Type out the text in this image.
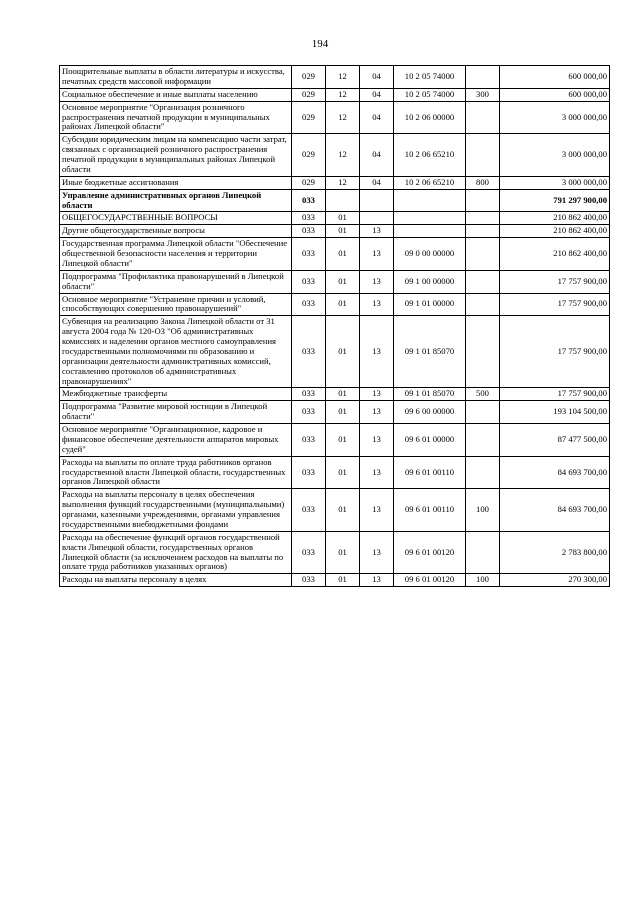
194
Поощрительные выплаты в области литературы и искусства, печатных средств массовой информации	029	12	04	10 2 05 74000		600 000,00
Социальное обеспечение и иные выплаты населению	029	12	04	10 2 05 74000	300	600 000,00
Основное мероприятие "Организация розничного распространения печатной продукции в муниципальных районах Липецкой области"	029	12	04	10 2 06 00000		3 000 000,00
Субсидии юридическим лицам на компенсацию части затрат, связанных с организацией розничного распространения печатной продукции в муниципальных районах Липецкой области	029	12	04	10 2 06 65210		3 000 000,00
Иные бюджетные ассигнования	029	12	04	10 2 06 65210	800	3 000 000,00
Управление административных органов Липецкой области	033					791 297 900,00
ОБЩЕГОСУДАРСТВЕННЫЕ ВОПРОСЫ	033	01				210 862 400,00
Другие общегосударственные вопросы	033	01	13			210 862 400,00
Государственная программа Липецкой области "Обеспечение общественной безопасности населения и территории Липецкой области"	033	01	13	09 0 00 00000		210 862 400,00
Подпрограмма "Профилактика правонарушений в Липецкой области"	033	01	13	09 1 00 00000		17 757 900,00
Основное мероприятие "Устранение причин и условий, способствующих совершению правонарушений"	033	01	13	09 1 01 00000		17 757 900,00
Субвенция на реализацию Закона Липецкой области от 31 августа 2004 года № 120-ОЗ "Об административных комиссиях и наделении органов местного самоуправления государственными полномочиями по образованию и организации деятельности административных комиссий, составлению протоколов об административных правонарушениях"	033	01	13	09 1 01 85070		17 757 900,00
Межбюджетные трансферты	033	01	13	09 1 01 85070	500	17 757 900,00
Подпрограмма "Развитие мировой юстиции в Липецкой области"	033	01	13	09 6 00 00000		193 104 500,00
Основное мероприятие "Организационное, кадровое и финансовое обеспечение деятельности аппаратов мировых судей"	033	01	13	09 6 01 00000		87 477 500,00
Расходы на выплаты по оплате труда работников органов государственной власти Липецкой области, государственных органов Липецкой области	033	01	13	09 6 01 00110		84 693 700,00
Расходы на выплаты персоналу в целях обеспечения выполнения функций государственными (муниципальными) органами, казенными учреждениями, органами управления государственными внебюджетными фондами	033	01	13	09 6 01 00110	100	84 693 700,00
Расходы на обеспечение функций органов государственной власти Липецкой области, государственных органов Липецкой области (за исключением расходов на выплаты по оплате труда работников указанных органов)	033	01	13	09 6 01 00120		2 783 800,00
Расходы на выплаты персоналу в целях	033	01	13	09 6 01 00120	100	270 300,00
